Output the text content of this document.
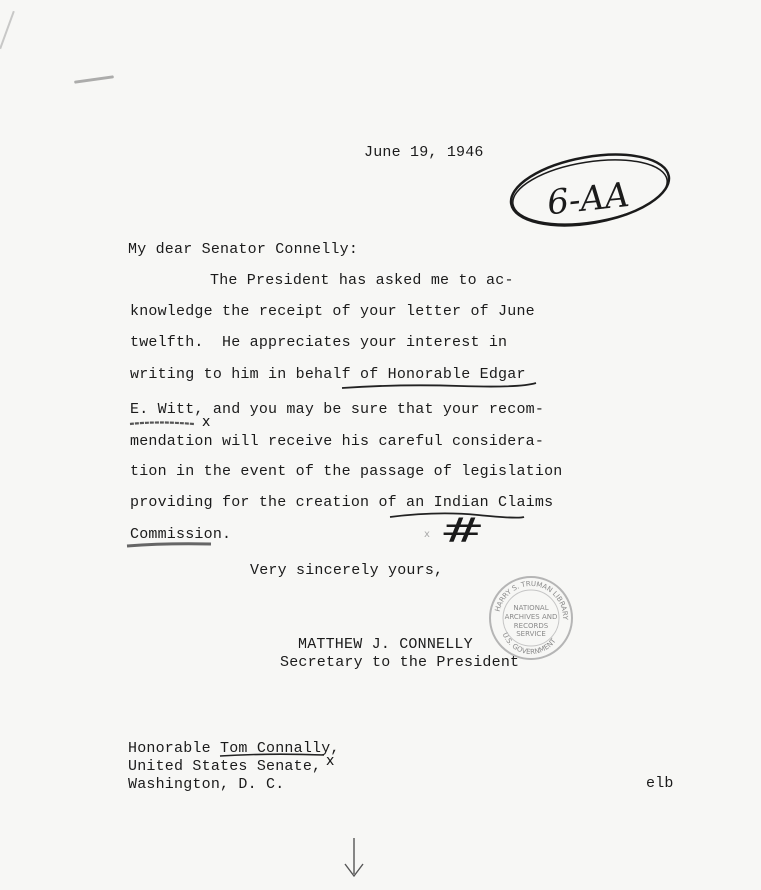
June 19, 1946
6-AA
My dear Senator Connelly:
The President has asked me to ac-
knowledge the receipt of your letter of June
twelfth.  He appreciates your interest in
writing to him in behalf of Honorable Edgar
E. Witt, and you may be sure that your recom-
mendation will receive his careful considera-
tion in the event of the passage of legislation
providing for the creation of an Indian Claims
Commission.
x
x
x #
Very sincerely yours,
HARRY S. TRUMAN LIBRARY
U.S. GOVERNMENT
NATIONAL
ARCHIVES AND
RECORDS
SERVICE
MATTHEW J. CONNELLY
Secretary to the President
Honorable Tom Connally,
United States Senate,
Washington, D. C.	elb
